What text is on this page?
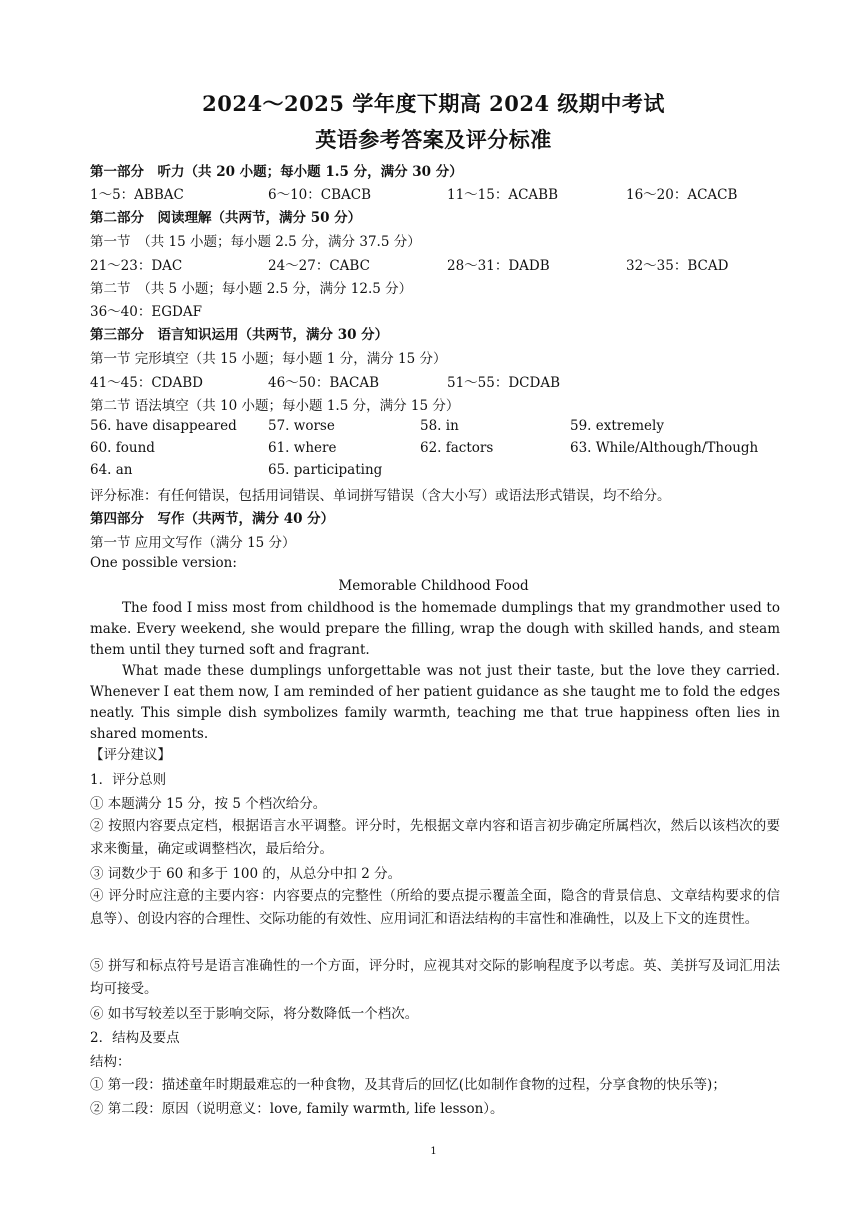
2024～2025 学年度下期高 2024 级期中考试
英语参考答案及评分标准
第一部分　听力（共 20 小题；每小题 1.5 分，满分 30 分）
1～5：ABBAC	6～10：CBACB	11～15：ACABB	16～20：ACACB
第二部分　阅读理解（共两节，满分 50 分）
第一节　（共 15 小题；每小题 2.5 分，满分 37.5 分）
21～23：DAC	24～27：CABC	28～31：DADB	32～35：BCAD
第二节　（共 5 小题；每小题 2.5 分，满分 12.5 分）
36～40：EGDAF
第三部分　语言知识运用（共两节，满分 30 分）
第一节 完形填空（共 15 小题；每小题 1 分，满分 15 分）
41～45：CDABD	46～50：BACAB	51～55：DCDAB
第二节 语法填空（共 10 小题；每小题 1.5 分，满分 15 分）
56. have disappeared 57. worse	58. in	59. extremely
60. found	61. where	62. factors	63. While/Although/Though
64. an	65. participating
评分标准：有任何错误，包括用词错误、单词拼写错误（含大小写）或语法形式错误，均不给分。
第四部分　写作（共两节，满分 40 分）
第一节 应用文写作（满分 15 分）
One possible version:
Memorable Childhood Food
The food I miss most from childhood is the homemade dumplings that my grandmother used to make. Every weekend, she would prepare the filling, wrap the dough with skilled hands, and steam them until they turned soft and fragrant.
What made these dumplings unforgettable was not just their taste, but the love they carried. Whenever I eat them now, I am reminded of her patient guidance as she taught me to fold the edges neatly. This simple dish symbolizes family warmth, teaching me that true happiness often lies in shared moments.
【评分建议】
1．评分总则
① 本题满分 15 分，按 5 个档次给分。
② 按照内容要点定档，根据语言水平调整。评分时，先根据文章内容和语言初步确定所属档次，然后以该档次的要求来衡量，确定或调整档次，最后给分。
③ 词数少于 60 和多于 100 的，从总分中扣 2 分。
④ 评分时应注意的主要内容：内容要点的完整性（所给的要点提示覆盖全面，隐含的背景信息、文章结构要求的信息等）、创设内容的合理性、交际功能的有效性、应用词汇和语法结构的丰富性和准确性，以及上下文的连贯性。
⑤ 拼写和标点符号是语言准确性的一个方面，评分时，应视其对交际的影响程度予以考虑。英、美拼写及词汇用法均可接受。
⑥ 如书写较差以至于影响交际，将分数降低一个档次。
2．结构及要点
结构：
① 第一段：描述童年时期最难忘的一种食物，及其背后的回忆(比如制作食物的过程，分享食物的快乐等)；
② 第二段：原因（说明意义：love, family warmth, life lesson）。
1
